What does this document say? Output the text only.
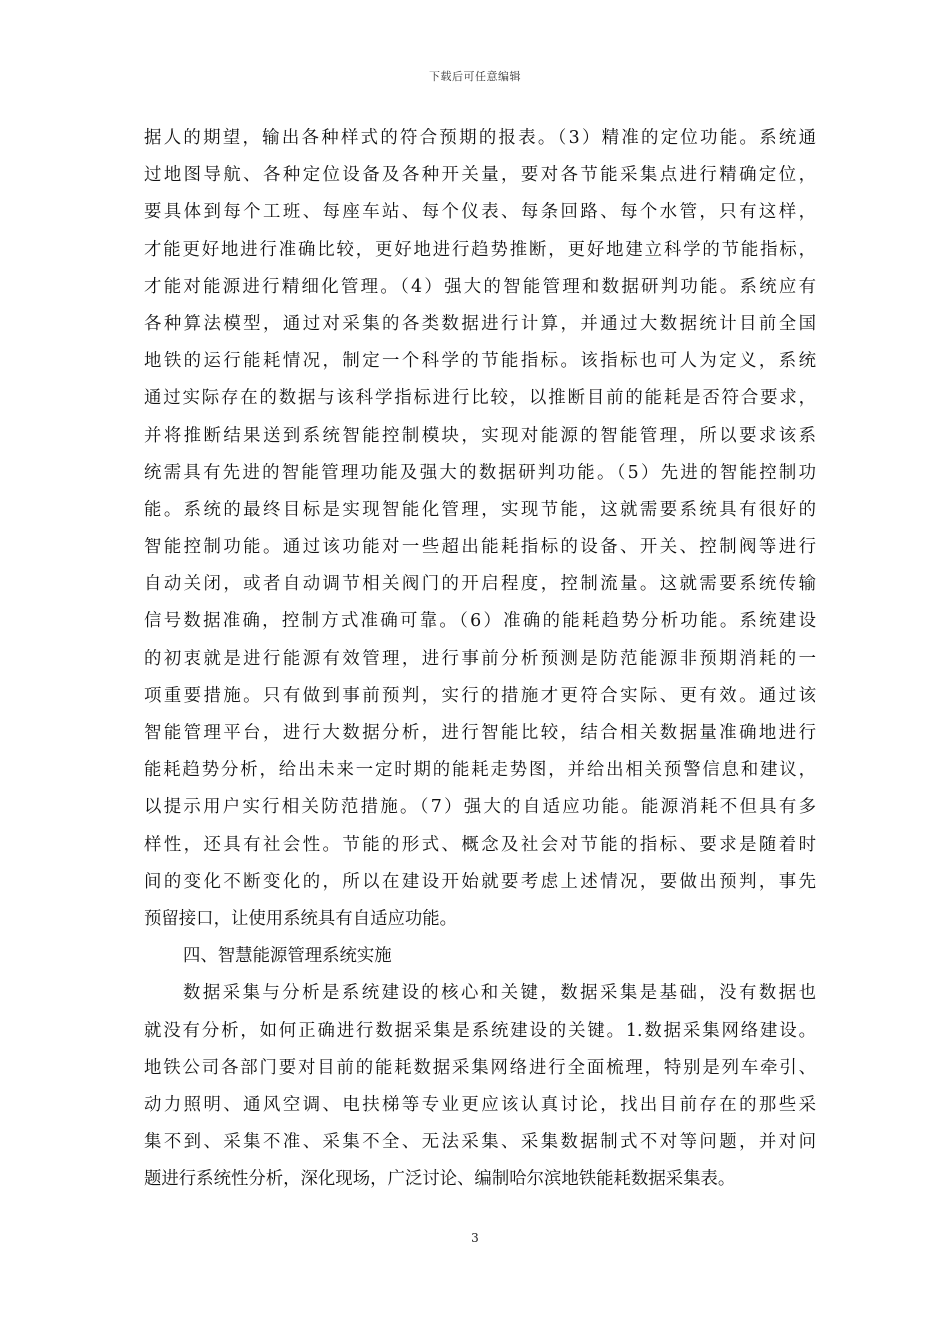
下载后可任意编辑
据人的期望，输出各种样式的符合预期的报表。（3）精准的定位功能。系统通
过地图导航、各种定位设备及各种开关量，要对各节能采集点进行精确定位，
要具体到每个工班、每座车站、每个仪表、每条回路、每个水管，只有这样，
才能更好地进行准确比较，更好地进行趋势推断，更好地建立科学的节能指标，
才能对能源进行精细化管理。（4）强大的智能管理和数据研判功能。系统应有
各种算法模型，通过对采集的各类数据进行计算，并通过大数据统计目前全国
地铁的运行能耗情况，制定一个科学的节能指标。该指标也可人为定义，系统
通过实际存在的数据与该科学指标进行比较，以推断目前的能耗是否符合要求，
并将推断结果送到系统智能控制模块，实现对能源的智能管理，所以要求该系
统需具有先进的智能管理功能及强大的数据研判功能。（5）先进的智能控制功
能。系统的最终目标是实现智能化管理，实现节能，这就需要系统具有很好的
智能控制功能。通过该功能对一些超出能耗指标的设备、开关、控制阀等进行
自动关闭，或者自动调节相关阀门的开启程度，控制流量。这就需要系统传输
信号数据准确，控制方式准确可靠。（6）准确的能耗趋势分析功能。系统建设
的初衷就是进行能源有效管理，进行事前分析预测是防范能源非预期消耗的一
项重要措施。只有做到事前预判，实行的措施才更符合实际、更有效。通过该
智能管理平台，进行大数据分析，进行智能比较，结合相关数据量准确地进行
能耗趋势分析，给出未来一定时期的能耗走势图，并给出相关预警信息和建议，
以提示用户实行相关防范措施。（7）强大的自适应功能。能源消耗不但具有多
样性，还具有社会性。节能的形式、概念及社会对节能的指标、要求是随着时
间的变化不断变化的，所以在建设开始就要考虑上述情况，要做出预判，事先
预留接口，让使用系统具有自适应功能。
四、智慧能源管理系统实施
数据采集与分析是系统建设的核心和关键，数据采集是基础，没有数据也
就没有分析，如何正确进行数据采集是系统建设的关键。1.数据采集网络建设。
地铁公司各部门要对目前的能耗数据采集网络进行全面梳理，特别是列车牵引、
动力照明、通风空调、电扶梯等专业更应该认真讨论，找出目前存在的那些采
集不到、采集不准、采集不全、无法采集、采集数据制式不对等问题，并对问
题进行系统性分析，深化现场，广泛讨论、编制哈尔滨地铁能耗数据采集表。
3
